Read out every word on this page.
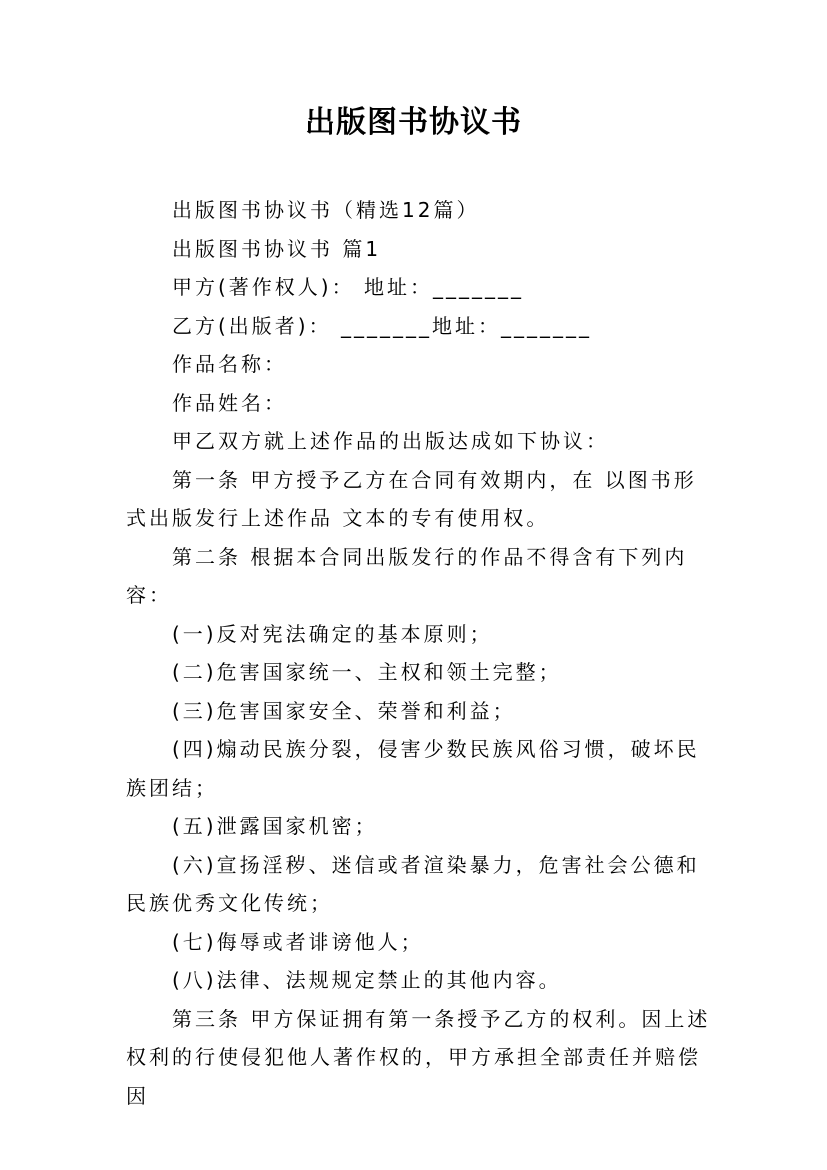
出版图书协议书

出版图书协议书（精选12篇）

出版图书协议书 篇1

甲方(著作权人)： 地址：_______

乙方(出版者)： _______地址：_______

作品名称：

作品姓名：

甲乙双方就上述作品的出版达成如下协议：

第一条 甲方授予乙方在合同有效期内，在 以图书形式出版发行上述作品 文本的专有使用权。

第二条 根据本合同出版发行的作品不得含有下列内容：

(一)反对宪法确定的基本原则；

(二)危害国家统一、主权和领土完整；

(三)危害国家安全、荣誉和利益；

(四)煽动民族分裂，侵害少数民族风俗习惯，破坏民族团结；

(五)泄露国家机密；

(六)宣扬淫秽、迷信或者渲染暴力，危害社会公德和民族优秀文化传统；

(七)侮辱或者诽谤他人；

(八)法律、法规规定禁止的其他内容。

第三条 甲方保证拥有第一条授予乙方的权利。因上述权利的行使侵犯他人著作权的，甲方承担全部责任并赔偿因
